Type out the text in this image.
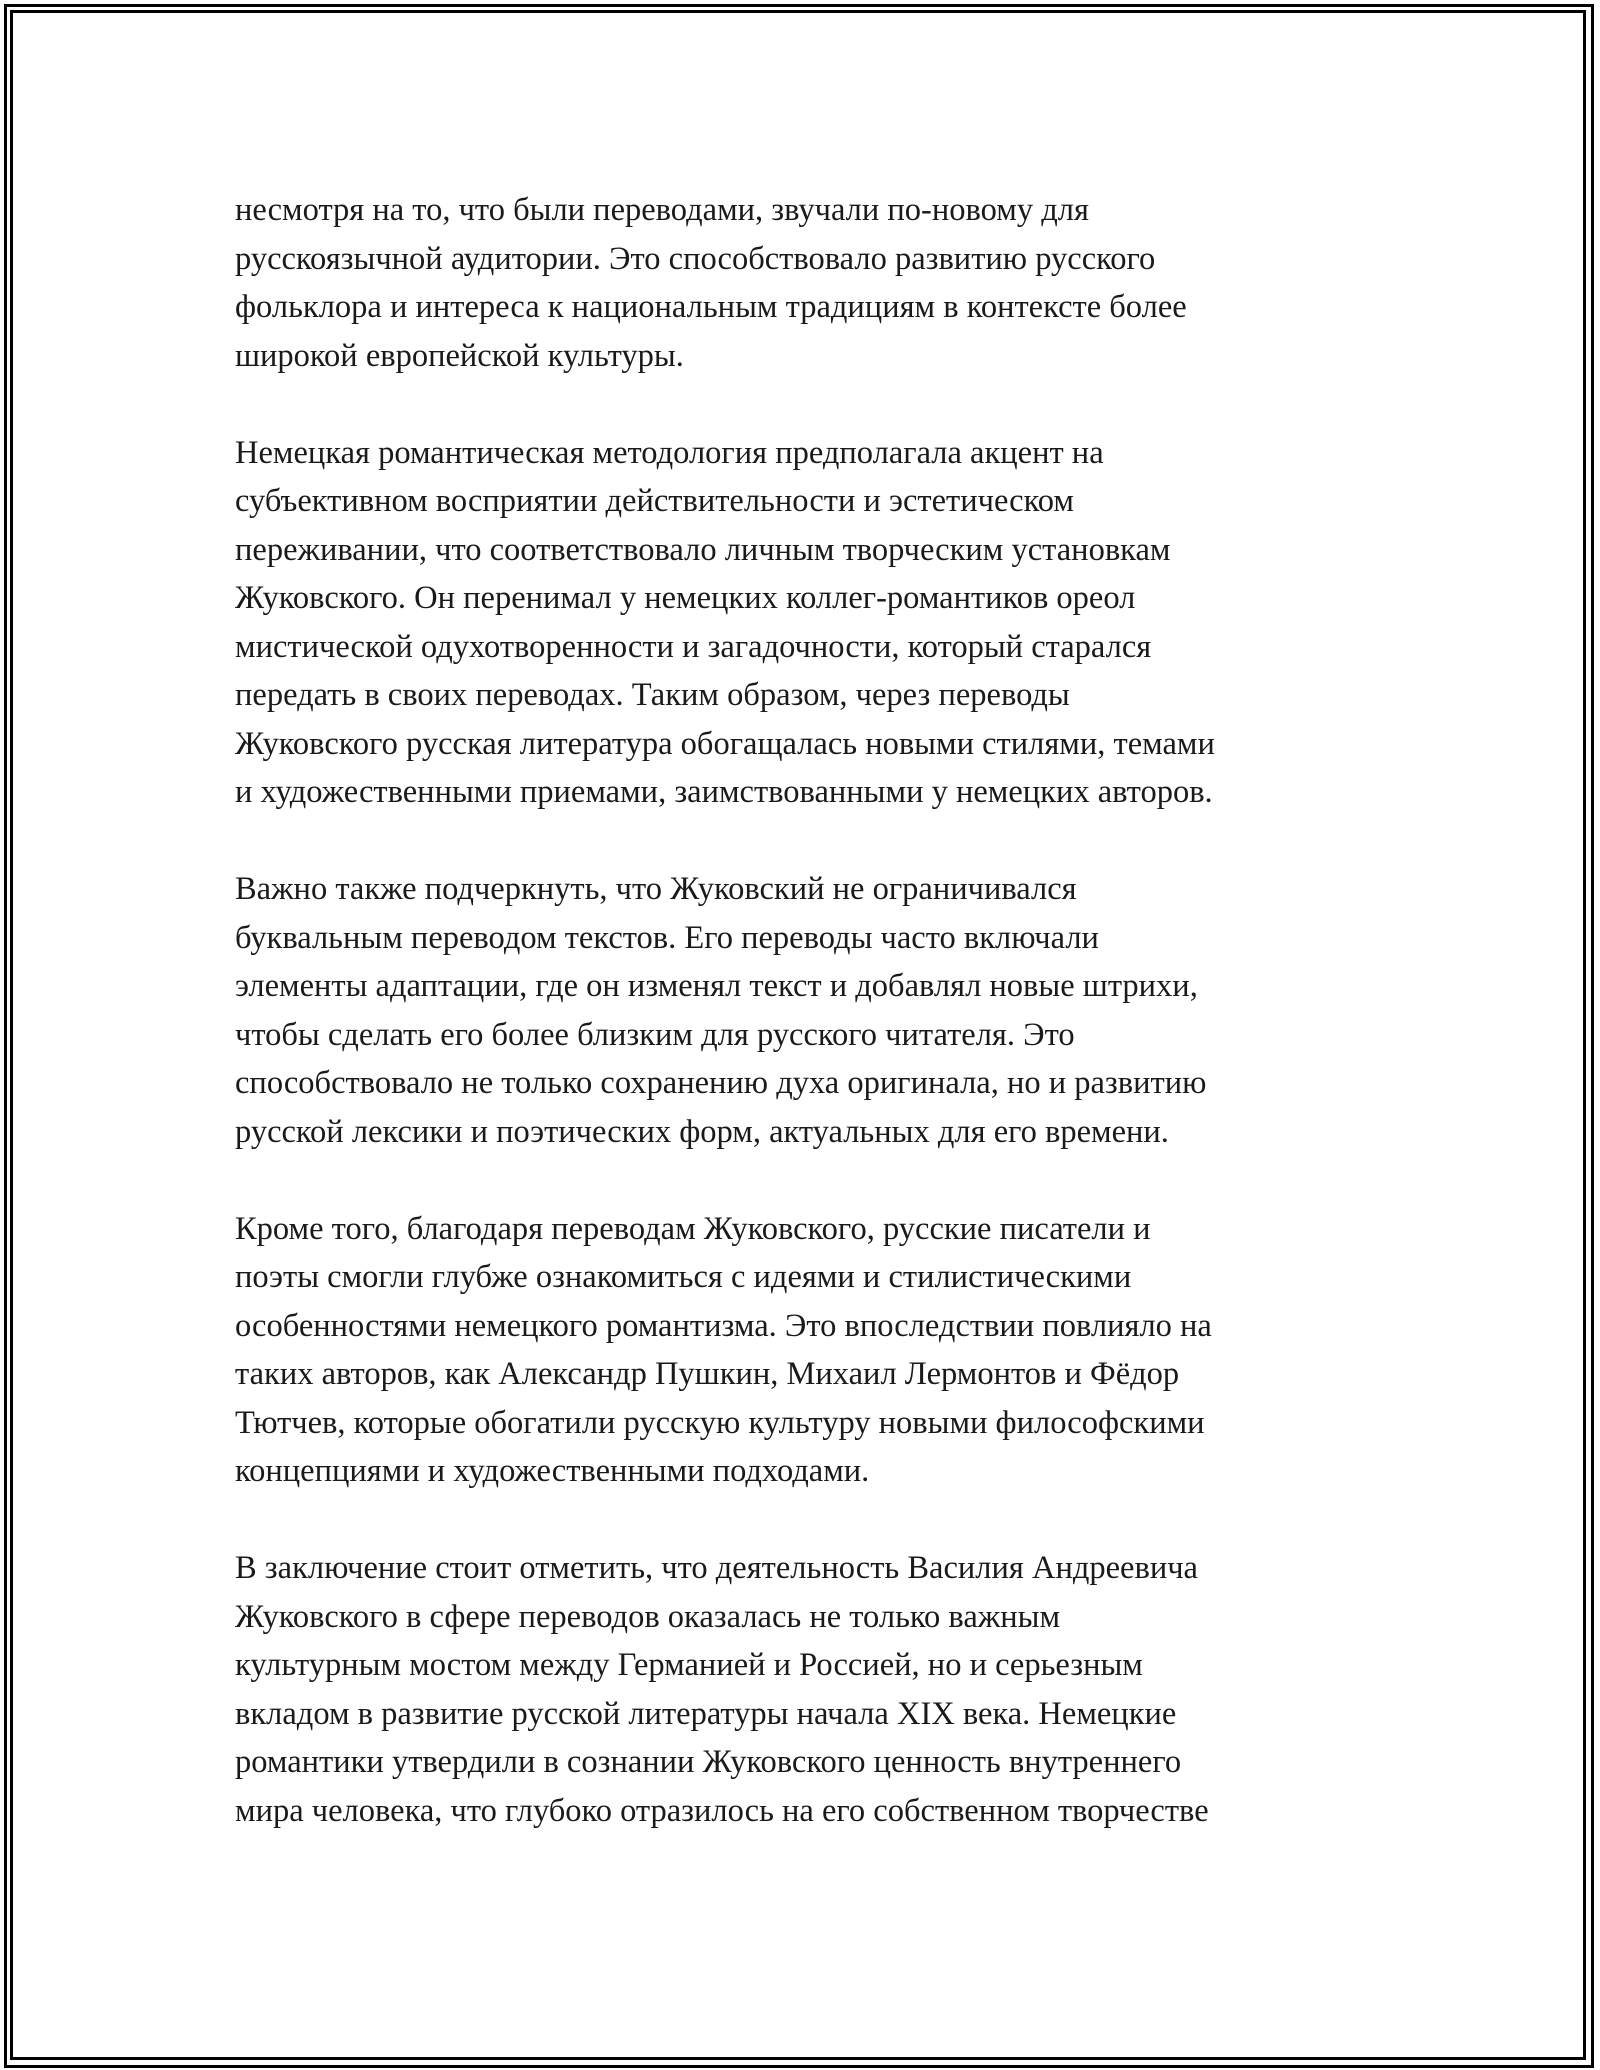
несмотря на то, что были переводами, звучали по-новому для
русскоязычной аудитории. Это способствовало развитию русского
фольклора и интереса к национальным традициям в контексте более
широкой европейской культуры.
Немецкая романтическая методология предполагала акцент на
субъективном восприятии действительности и эстетическом
переживании, что соответствовало личным творческим установкам
Жуковского. Он перенимал у немецких коллег-романтиков ореол
мистической одухотворенности и загадочности, который старался
передать в своих переводах. Таким образом, через переводы
Жуковского русская литература обогащалась новыми стилями, темами
и художественными приемами, заимствованными у немецких авторов.
Важно также подчеркнуть, что Жуковский не ограничивался
буквальным переводом текстов. Его переводы часто включали
элементы адаптации, где он изменял текст и добавлял новые штрихи,
чтобы сделать его более близким для русского читателя. Это
способствовало не только сохранению духа оригинала, но и развитию
русской лексики и поэтических форм, актуальных для его времени.
Кроме того, благодаря переводам Жуковского, русские писатели и
поэты смогли глубже ознакомиться с идеями и стилистическими
особенностями немецкого романтизма. Это впоследствии повлияло на
таких авторов, как Александр Пушкин, Михаил Лермонтов и Фёдор
Тютчев, которые обогатили русскую культуру новыми философскими
концепциями и художественными подходами.
В заключение стоит отметить, что деятельность Василия Андреевича
Жуковского в сфере переводов оказалась не только важным
культурным мостом между Германией и Россией, но и серьезным
вкладом в развитие русской литературы начала XIX века. Немецкие
романтики утвердили в сознании Жуковского ценность внутреннего
мира человека, что глубоко отразилось на его собственном творчестве
